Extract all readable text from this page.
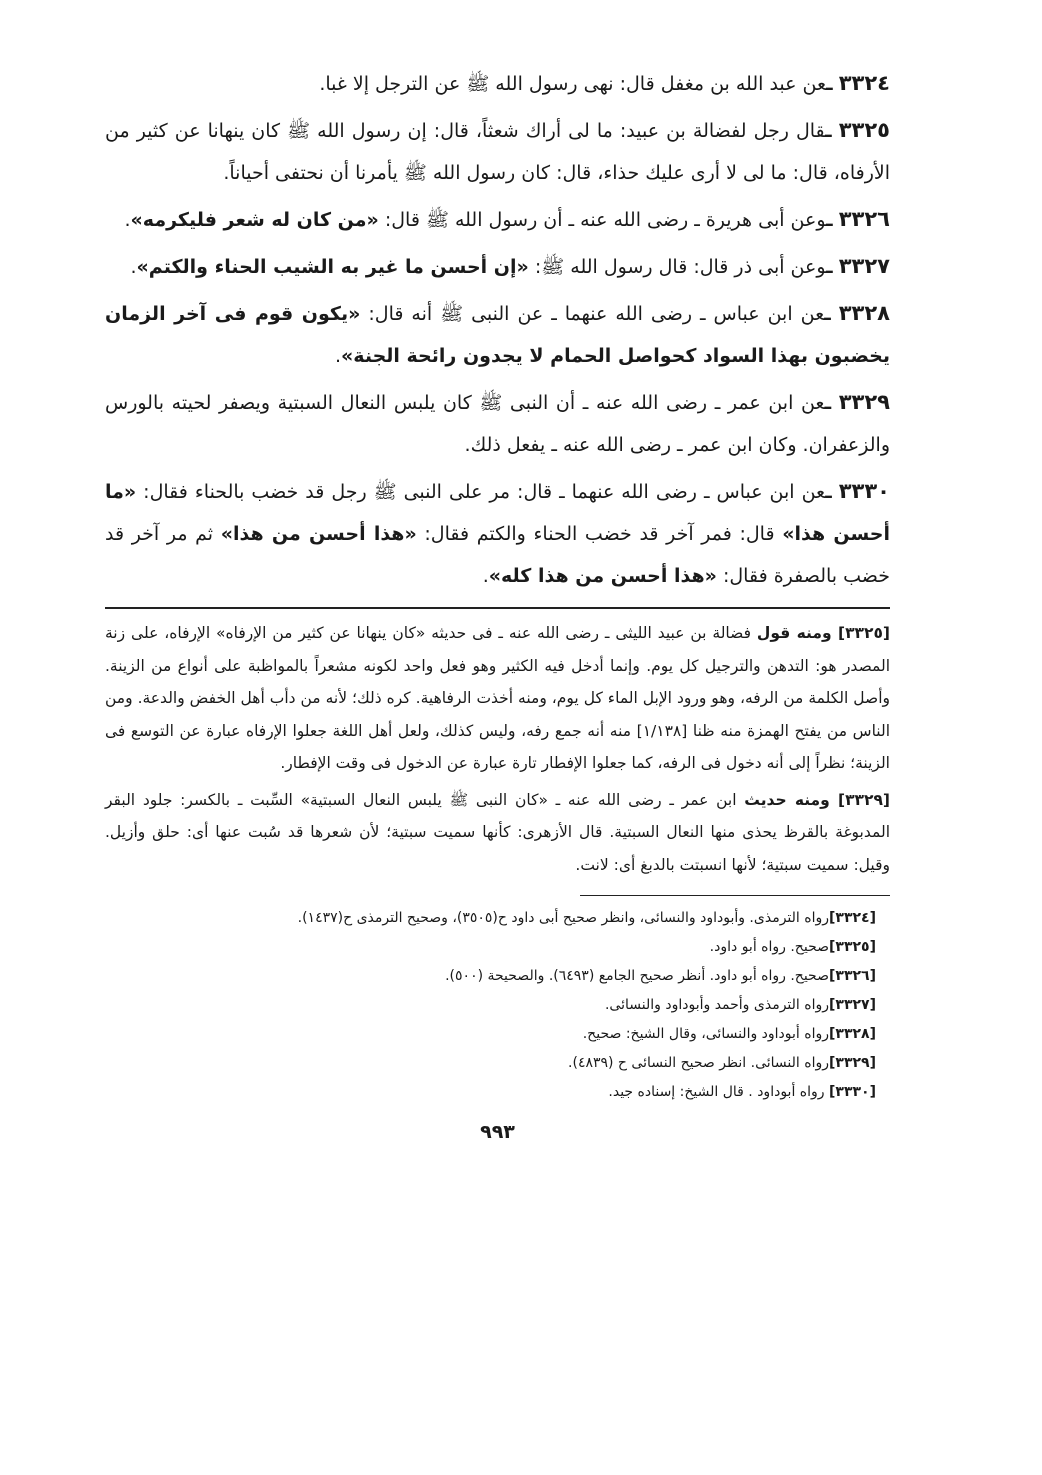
٣٣٢٤ ـعن عبد الله بن مغفل قال: نهى رسول الله ﷺ عن الترجل إلا غبا.

٣٣٢٥ ـقال رجل لفضالة بن عبيد: ما لى أراك شعثاً، قال: إن رسول الله ﷺ كان ينهانا عن كثير من الأرفاه، قال: ما لى لا أرى عليك حذاء، قال: كان رسول الله ﷺ يأمرنا أن نحتفى أحياناً.

٣٣٢٦ ـوعن أبى هريرة ـ رضى الله عنه ـ أن رسول الله ﷺ قال: «من كان له شعر فليكرمه».

٣٣٢٧ ـوعن أبى ذر قال: قال رسول الله ﷺ: «إن أحسن ما غير به الشيب الحناء والكتم».

٣٣٢٨ ـعن ابن عباس ـ رضى الله عنهما ـ عن النبى ﷺ أنه قال: «يكون قوم فى آخر الزمان يخضبون بهذا السواد كحواصل الحمام لا يجدون رائحة الجنة».

٣٣٢٩ ـعن ابن عمر ـ رضى الله عنه ـ أن النبى ﷺ كان يلبس النعال السبتية ويصفر لحيته بالورس والزعفران. وكان ابن عمر ـ رضى الله عنه ـ يفعل ذلك.

٣٣٣٠ ـعن ابن عباس ـ رضى الله عنهما ـ قال: مر على النبى ﷺ رجل قد خضب بالحناء فقال: «ما أحسن هذا» قال: فمر آخر قد خضب الحناء والكتم فقال: «هذا أحسن من هذا» ثم مر آخر قد خضب بالصفرة فقال: «هذا أحسن من هذا كله».

[٣٣٢٥] ومنه قول فضالة بن عبيد الليثى ـ رضى الله عنه ـ فى حديثه «كان ينهانا عن كثير من الإرفاه» الإرفاه، على زنة المصدر هو: التدهن والترجيل كل يوم. وإنما أدخل فيه الكثير وهو فعل واحد لكونه مشعراً بالمواظبة على أنواع من الزينة. وأصل الكلمة من الرفه، وهو ورود الإبل الماء كل يوم، ومنه أخذت الرفاهية. كره ذلك؛ لأنه من دأب أهل الخفض والدعة. ومن الناس من يفتح الهمزة منه ظنا [١/١٣٨] منه أنه جمع رفه، وليس كذلك، ولعل أهل اللغة جعلوا الإرفاه عبارة عن التوسع فى الزينة؛ نظراً إلى أنه دخول فى الرفه، كما جعلوا الإفطار تارة عبارة عن الدخول فى وقت الإفطار.

[٣٣٢٩] ومنه حديث ابن عمر ـ رضى الله عنه ـ «كان النبى ﷺ يلبس النعال السبتية» السِّبت ـ بالكسر: جلود البقر المدبوغة بالقرظ يحذى منها النعال السبتية. قال الأزهرى: كأنها سميت سبتية؛ لأن شعرها قد سُبت عنها أى: حلق وأزيل. وقيل: سميت سبتية؛ لأنها انسبتت بالدبغ أى: لانت.

[٣٣٢٤]رواه الترمذى. وأبوداود والنسائى، وانظر صحيح أبى داود ح(٣٥٠٥)، وصحيح الترمذى ح(١٤٣٧).

[٣٣٢٥]صحيح. رواه أبو داود.

[٣٣٢٦]صحيح. رواه أبو داود. أنظر صحيح الجامع (٦٤٩٣). والصحيحة (٥٠٠).

[٣٣٢٧]رواه الترمذى وأحمد وأبوداود والنسائى.

[٣٣٢٨]رواه أبوداود والنسائى، وقال الشيخ: صحيح.

[٣٣٢٩]رواه النسائى. انظر صحيح النسائى ح (٤٨٣٩).

[٣٣٣٠] رواه أبوداود . قال الشيخ: إسناده جيد.

٩٩٣
